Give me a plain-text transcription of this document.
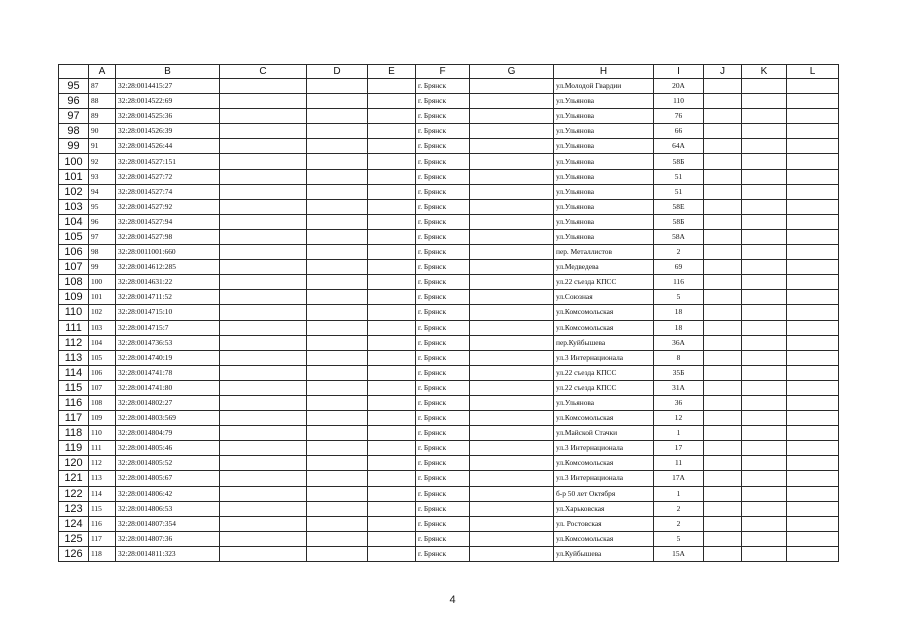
	A	B	C	D	E	F	G	H	I	J	K	L
95	87	32:28:0014415:27				г. Брянск		ул.Молодой Гвардии	20А			
96	88	32:28:0014522:69				г. Брянск		ул.Ульянова	110			
97	89	32:28:0014525:36				г. Брянск		ул.Ульянова	76			
98	90	32:28:0014526:39				г. Брянск		ул.Ульянова	66			
99	91	32:28:0014526:44				г. Брянск		ул.Ульянова	64А			
100	92	32:28:0014527:151				г. Брянск		ул.Ульянова	58Б			
101	93	32:28:0014527:72				г. Брянск		ул.Ульянова	51			
102	94	32:28:0014527:74				г. Брянск		ул.Ульянова	51			
103	95	32:28:0014527:92				г. Брянск		ул.Ульянова	58Е			
104	96	32:28:0014527:94				г. Брянск		ул.Ульянова	58Б			
105	97	32:28:0014527:98				г. Брянск		ул.Ульянова	58А			
106	98	32:28:0011001:660				г. Брянск		пер. Металлистов	2			
107	99	32:28:0014612:285				г. Брянск		ул.Медведева	69			
108	100	32:28:0014631:22				г. Брянск		ул.22 съезда КПСС	116			
109	101	32:28:0014711:52				г. Брянск		ул.Союзная	5			
110	102	32:28:0014715:10				г. Брянск		ул.Комсомольская	18			
111	103	32:28:0014715:7				г. Брянск		ул.Комсомольская	18			
112	104	32:28:0014736:53				г. Брянск		пер.Куйбышева	36А			
113	105	32:28:0014740:19				г. Брянск		ул.3 Интернационала	8			
114	106	32:28:0014741:78				г. Брянск		ул.22 съезда КПСС	35Б			
115	107	32:28:0014741:80				г. Брянск		ул.22 съезда КПСС	31А			
116	108	32:28:0014802:27				г. Брянск		ул.Ульянова	36			
117	109	32:28:0014803:569				г. Брянск		ул.Комсомольская	12			
118	110	32:28:0014804:79				г. Брянск		ул.Майской Стачки	1			
119	111	32:28:0014805:46				г. Брянск		ул.3 Интернационала	17			
120	112	32:28:0014805:52				г. Брянск		ул.Комсомольская	11			
121	113	32:28:0014805:67				г. Брянск		ул.3 Интернационала	17А			
122	114	32:28:0014806:42				г. Брянск		б-р 50 лет Октября	1			
123	115	32:28:0014806:53				г. Брянск		ул.Харьковская	2			
124	116	32:28:0014807:354				г. Брянск		ул. Ростовская	2			
125	117	32:28:0014807:36				г. Брянск		ул.Комсомольская	5			
126	118	32:28:0014811:323				г. Брянск		ул.Куйбышева	15А			
4
